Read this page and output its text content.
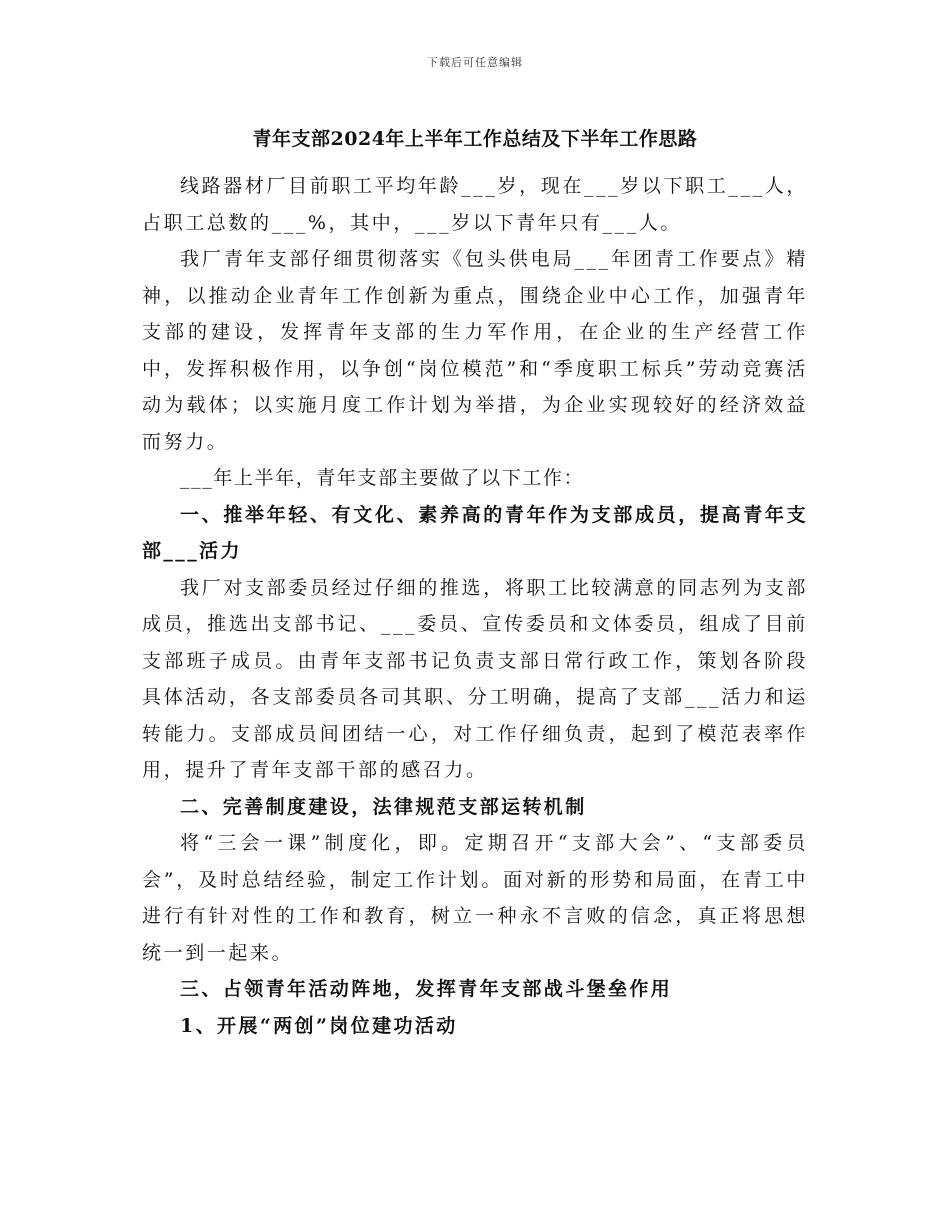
下载后可任意编辑
青年支部2024年上半年工作总结及下半年工作思路

线路器材厂目前职工平均年龄___岁，现在___岁以下职工___人，占职工总数的___%，其中，___岁以下青年只有___人。

我厂青年支部仔细贯彻落实《包头供电局___年团青工作要点》精神，以推动企业青年工作创新为重点，围绕企业中心工作，加强青年支部的建设，发挥青年支部的生力军作用，在企业的生产经营工作中，发挥积极作用，以争创“岗位模范”和“季度职工标兵”劳动竞赛活动为载体；以实施月度工作计划为举措，为企业实现较好的经济效益而努力。

___年上半年，青年支部主要做了以下工作：

一、推举年轻、有文化、素养高的青年作为支部成员，提高青年支部___活力

我厂对支部委员经过仔细的推选，将职工比较满意的同志列为支部成员，推选出支部书记、___委员、宣传委员和文体委员，组成了目前支部班子成员。由青年支部书记负责支部日常行政工作，策划各阶段具体活动，各支部委员各司其职、分工明确，提高了支部___活力和运转能力。支部成员间团结一心，对工作仔细负责，起到了模范表率作用，提升了青年支部干部的感召力。

二、完善制度建设，法律规范支部运转机制

将“三会一课”制度化，即。定期召开“支部大会”、“支部委员会”，及时总结经验，制定工作计划。面对新的形势和局面，在青工中进行有针对性的工作和教育，树立一种永不言败的信念，真正将思想统一到一起来。

三、占领青年活动阵地，发挥青年支部战斗堡垒作用

1、开展“两创”岗位建功活动
